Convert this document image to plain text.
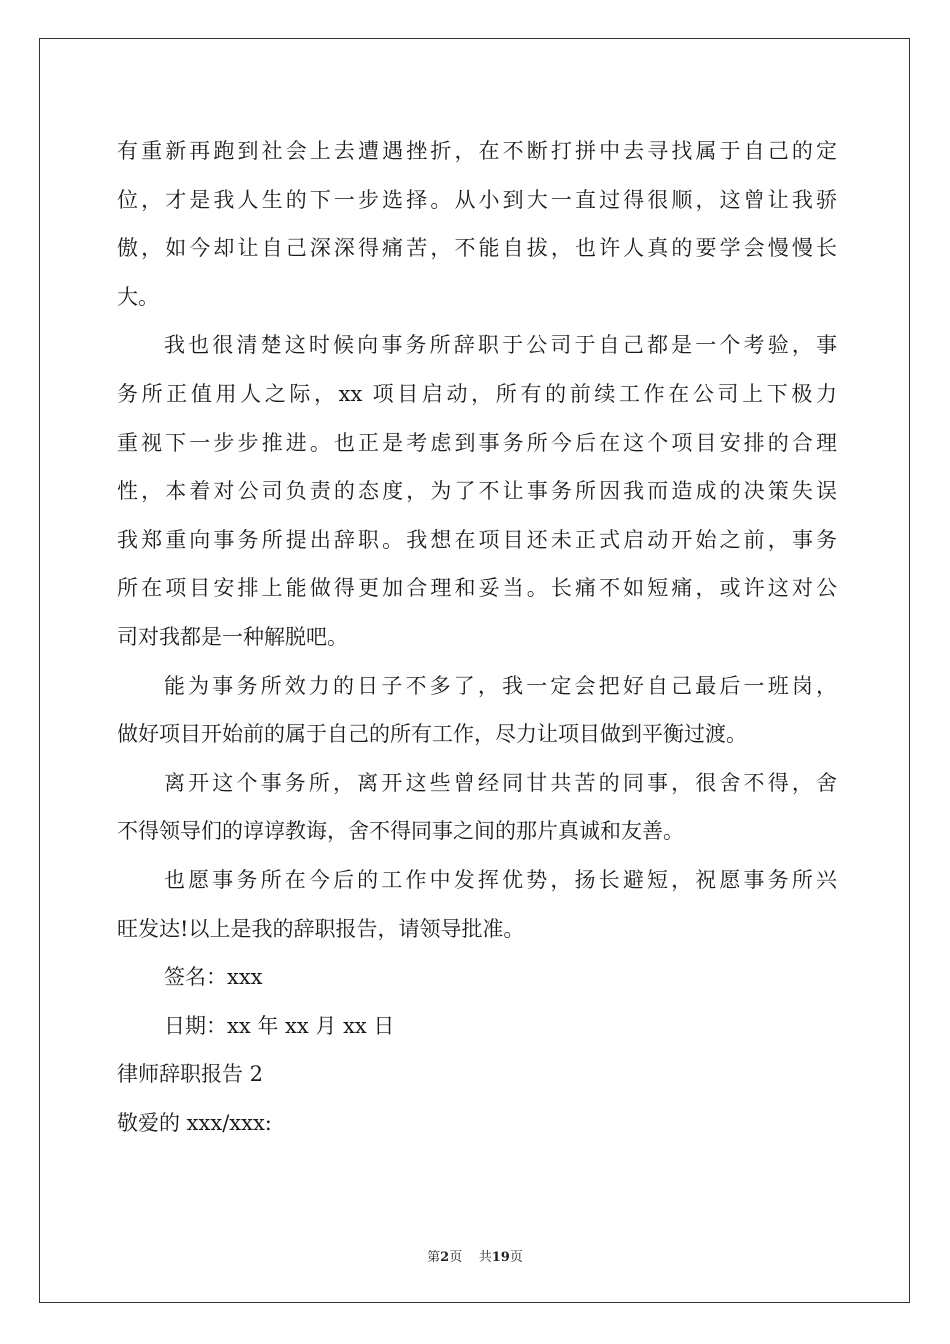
有重新再跑到社会上去遭遇挫折，在不断打拼中去寻找属于自己的定
位，才是我人生的下一步选择。从小到大一直过得很顺，这曾让我骄
傲，如今却让自己深深得痛苦，不能自拔，也许人真的要学会慢慢长
大。
我也很清楚这时候向事务所辞职于公司于自己都是一个考验，事
务所正值用人之际，xx 项目启动，所有的前续工作在公司上下极力
重视下一步步推进。也正是考虑到事务所今后在这个项目安排的合理
性，本着对公司负责的态度，为了不让事务所因我而造成的决策失误
我郑重向事务所提出辞职。我想在项目还未正式启动开始之前，事务
所在项目安排上能做得更加合理和妥当。长痛不如短痛，或许这对公
司对我都是一种解脱吧。
能为事务所效力的日子不多了，我一定会把好自己最后一班岗，
做好项目开始前的属于自己的所有工作，尽力让项目做到平衡过渡。
离开这个事务所，离开这些曾经同甘共苦的同事，很舍不得，舍
不得领导们的谆谆教诲，舍不得同事之间的那片真诚和友善。
也愿事务所在今后的工作中发挥优势，扬长避短，祝愿事务所兴
旺发达!以上是我的辞职报告，请领导批准。
签名：xxx
日期：xx 年 xx 月 xx 日
律师辞职报告 2
敬爱的 xxx/xxx:
第2页 共19页
